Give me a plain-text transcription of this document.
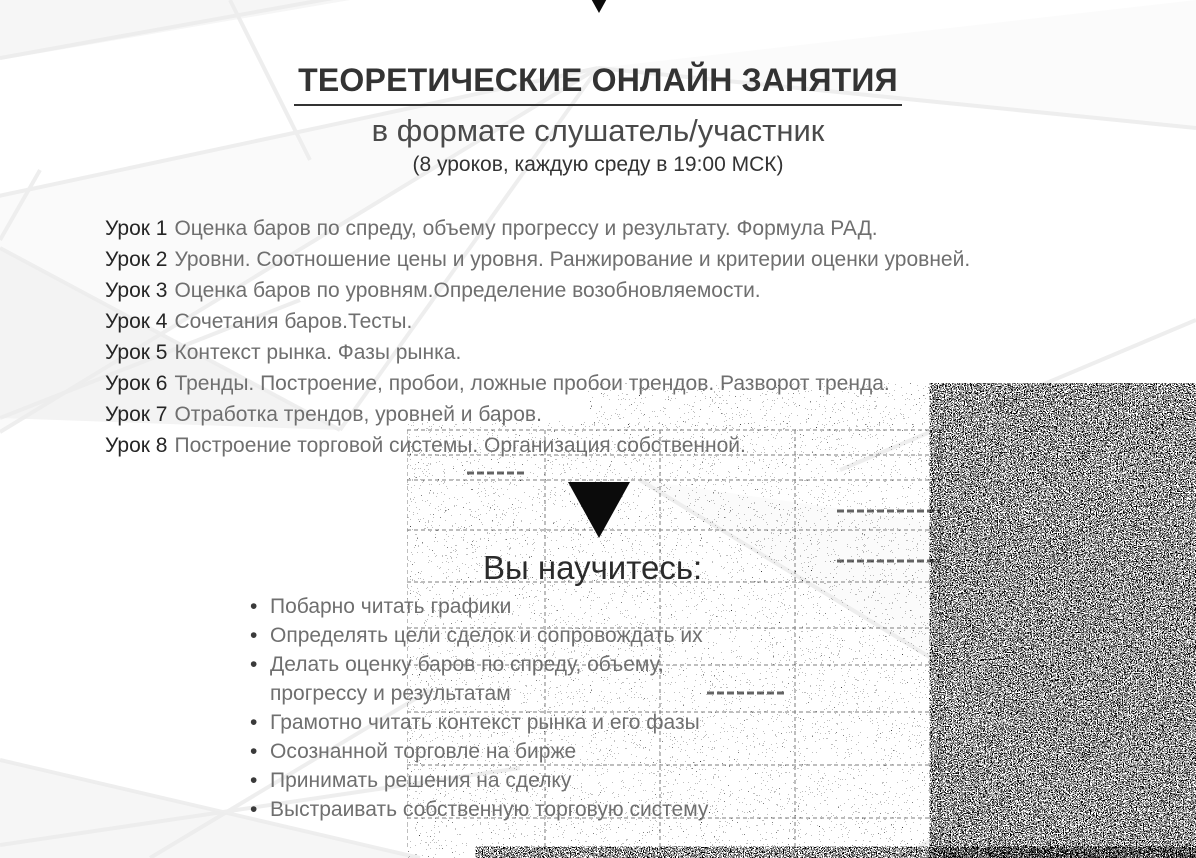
ТЕОРЕТИЧЕСКИЕ ОНЛАЙН ЗАНЯТИЯ
в формате слушатель/участник
(8 уроков, каждую среду в 19:00 МСК)
Урок 1 Оценка баров по спреду, объему прогрессу и результату. Формула РАД.
Урок 2 Уровни. Соотношение цены и уровня. Ранжирование и критерии оценки уровней.
Урок 3 Оценка баров по уровням.Определение возобновляемости.
Урок 4 Сочетания баров.Тесты.
Урок 5 Контекст рынка. Фазы рынка.
Урок 6 Тренды. Построение, пробои, ложные пробои трендов. Разворот тренда.
Урок 7 Отработка трендов, уровней и баров.
Урок 8 Построение торговой системы. Организация собственной.
Вы научитесь:
• Побарно читать графики
• Определять цели сделок и сопровождать их
• Делать оценку баров по спреду, объему, прогрессу и результатам
• Грамотно читать контекст рынка и его фазы
• Осознанной торговле на бирже
• Принимать решения на сделку
• Выстраивать собственную торговую систему
